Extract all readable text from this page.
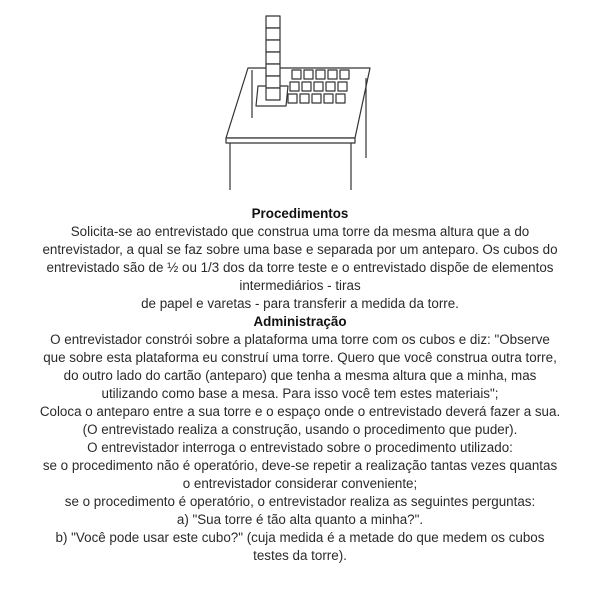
Procedimentos
Solicita-se ao entrevistado que construa uma torre da mesma altura que a do
entrevistador, a qual se faz sobre uma base e separada por um anteparo. Os cubos do
entrevistado são de ½ ou 1/3 dos da torre teste e o entrevistado dispõe de elementos
intermediários - tiras
de papel e varetas - para transferir a medida da torre.
Administração
O entrevistador constrói sobre a plataforma uma torre com os cubos e diz: "Observe
que sobre esta plataforma eu construí uma torre. Quero que você construa outra torre,
do outro lado do cartão (anteparo) que tenha a mesma altura que a minha, mas
utilizando como base a mesa. Para isso você tem estes materiais";
Coloca o anteparo entre a sua torre e o espaço onde o entrevistado deverá fazer a sua.
(O entrevistado realiza a construção, usando o procedimento que puder).
O entrevistador interroga o entrevistado sobre o procedimento utilizado:
se o procedimento não é operatório, deve-se repetir a realização tantas vezes quantas
o entrevistador considerar conveniente;
se o procedimento é operatório, o entrevistador realiza as seguintes perguntas:
a) "Sua torre é tão alta quanto a minha?".
b) "Você pode usar este cubo?" (cuja medida é a metade do que medem os cubos
testes da torre).
